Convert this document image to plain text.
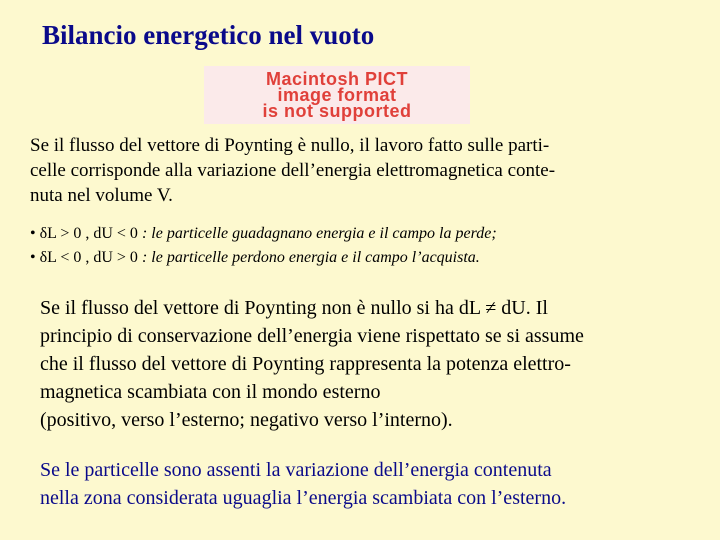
Bilancio energetico nel vuoto
Macintosh PICT
image format
is not supported
Se il flusso del vettore di Poynting è nullo, il lavoro fatto sulle parti-
celle corrisponde alla variazione dell’energia elettromagnetica conte-
nuta nel volume V.
• δL > 0 , dU < 0 : le particelle guadagnano energia e il campo la perde;
• δL < 0 , dU > 0 : le particelle perdono energia e il campo l’acquista.
Se il flusso del vettore di Poynting non è nullo si ha dL ≠ dU. Il
principio di conservazione dell’energia viene rispettato se si assume
che il flusso del vettore di Poynting rappresenta la potenza elettro-
magnetica scambiata con il mondo esterno
(positivo, verso l’esterno; negativo verso l’interno).
Se le particelle sono assenti la variazione dell’energia contenuta
nella zona considerata uguaglia l’energia scambiata con l’esterno.
